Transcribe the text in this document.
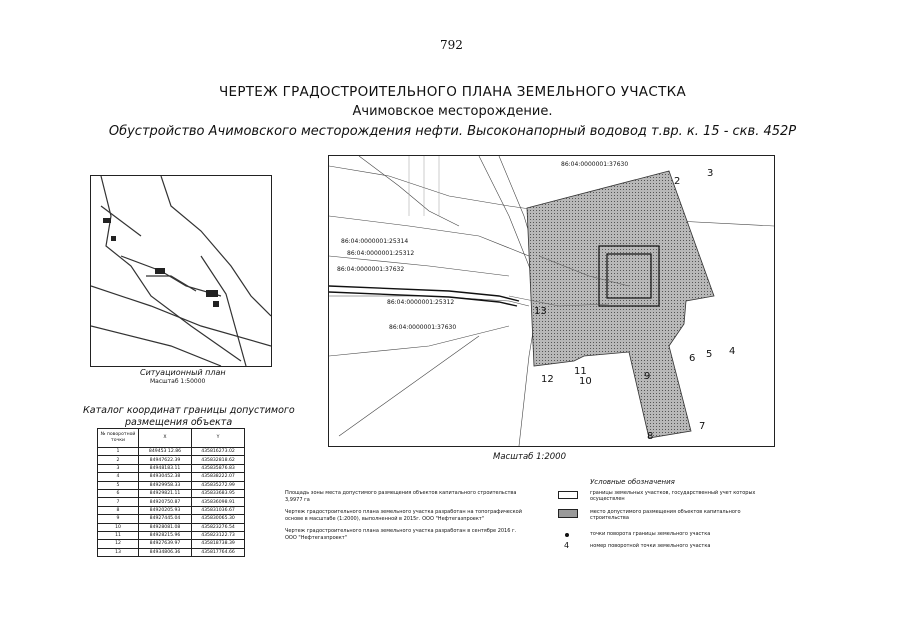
792
ЧЕРТЕЖ ГРАДОСТРОИТЕЛЬНОГО ПЛАНА ЗЕМЕЛЬНОГО УЧАСТКА
Ачимовское месторождение.
Обустройство Ачимовского месторождения нефти. Высоконапорный водовод т.вр. к. 15 - скв. 452Р
Ситуационный план
Масштаб 1:50000
Каталог координат границы допустимого
размещения объекта
№ поворотной точки	X	Y
1	849453 12.86	435816273.02
2	84947622.39	435832818.62
3	84948183.11	435835876.83
4	84930452.38	435838222.07
5	84929958.33	435835272.99
6	84929821.11	435833683.95
7	84920750.87	435836098.91
8	84920205.93	435831036.67
9	84927445.04	435830065.30
10	84928081.08	435823276.54
11	84928215.96	435823122.73
12	84927639.97	435818738.39
13	84934806.36	435817764.66
86:04:0000001:37630
86:04:0000001:25314
86:04:0000001:25312
86:04:0000001:37632
86:04:0000001:25312
86:04:0000001:37630
13
2
3
4
5
6
7
8
9
10
11
12
Масштаб 1:2000

Площадь зоны места допустимого размещения объектов капитального строительства 3,9977 га

Чертеж градостроительного плана земельного участка разработан на топографической основе в масштабе (1:2000), выполненной в 2015г. ООО "Нефтегазпроект"

Чертеж градостроительного плана земельного участка разработан в сентябре 2016 г. ООО "Нефтегазпроект"

Условные обозначения
границы земельных участков, государственный учет которых осуществлен
место допустимого размещения объектов капитального строительства
точки поворота границы земельного участка
4	номер поворотной точки земельного участка
